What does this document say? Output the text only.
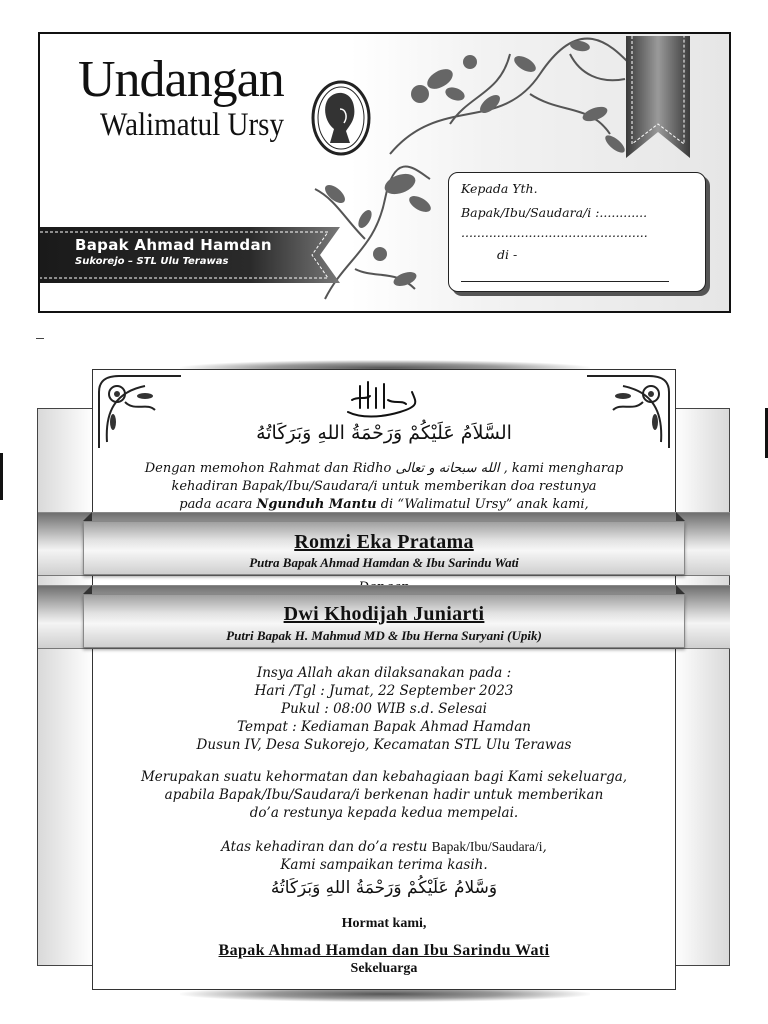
Undangan
Walimatul Ursy
Bapak Ahmad Hamdan
Sukorejo – STL Ulu Terawas
Kepada Yth.
Bapak/Ibu/Saudara/i :............
...............................................
di -
السَّلاَمُ عَلَيْكُمْ وَرَحْمَةُ اللهِ وَبَرَكَاتُهُ
Dengan memohon Rahmat dan Ridho الله سبحانه و تعالى , kami mengharap
kehadiran Bapak/Ibu/Saudara/i untuk memberikan doa restunya
pada acara Ngunduh Mantu di “Walimatul Ursy” anak kami,
Romzi Eka Pratama
Putra Bapak Ahmad Hamdan & Ibu Sarindu Wati
Dwi Khodijah Juniarti
Putri Bapak H. Mahmud MD & Ibu Herna Suryani (Upik)
Insya Allah akan dilaksanakan pada :
Hari /Tgl : Jumat, 22 September 2023
Pukul : 08:00 WIB s.d. Selesai
Tempat : Kediaman Bapak Ahmad Hamdan
Dusun IV, Desa Sukorejo, Kecamatan STL Ulu Terawas
Merupakan suatu kehormatan dan kebahagiaan bagi Kami sekeluarga,
apabila Bapak/Ibu/Saudara/i berkenan hadir untuk memberikan
do’a restunya kepada kedua mempelai.
Atas kehadiran dan do’a restu Bapak/Ibu/Saudara/i,
Kami sampaikan terima kasih.
وَسَّلامُ عَلَيْكُمْ وَرَحْمَةُ اللهِ وَبَرَكَاتُهُ
Hormat kami,
Bapak Ahmad Hamdan dan Ibu Sarindu Wati
Sekeluarga
